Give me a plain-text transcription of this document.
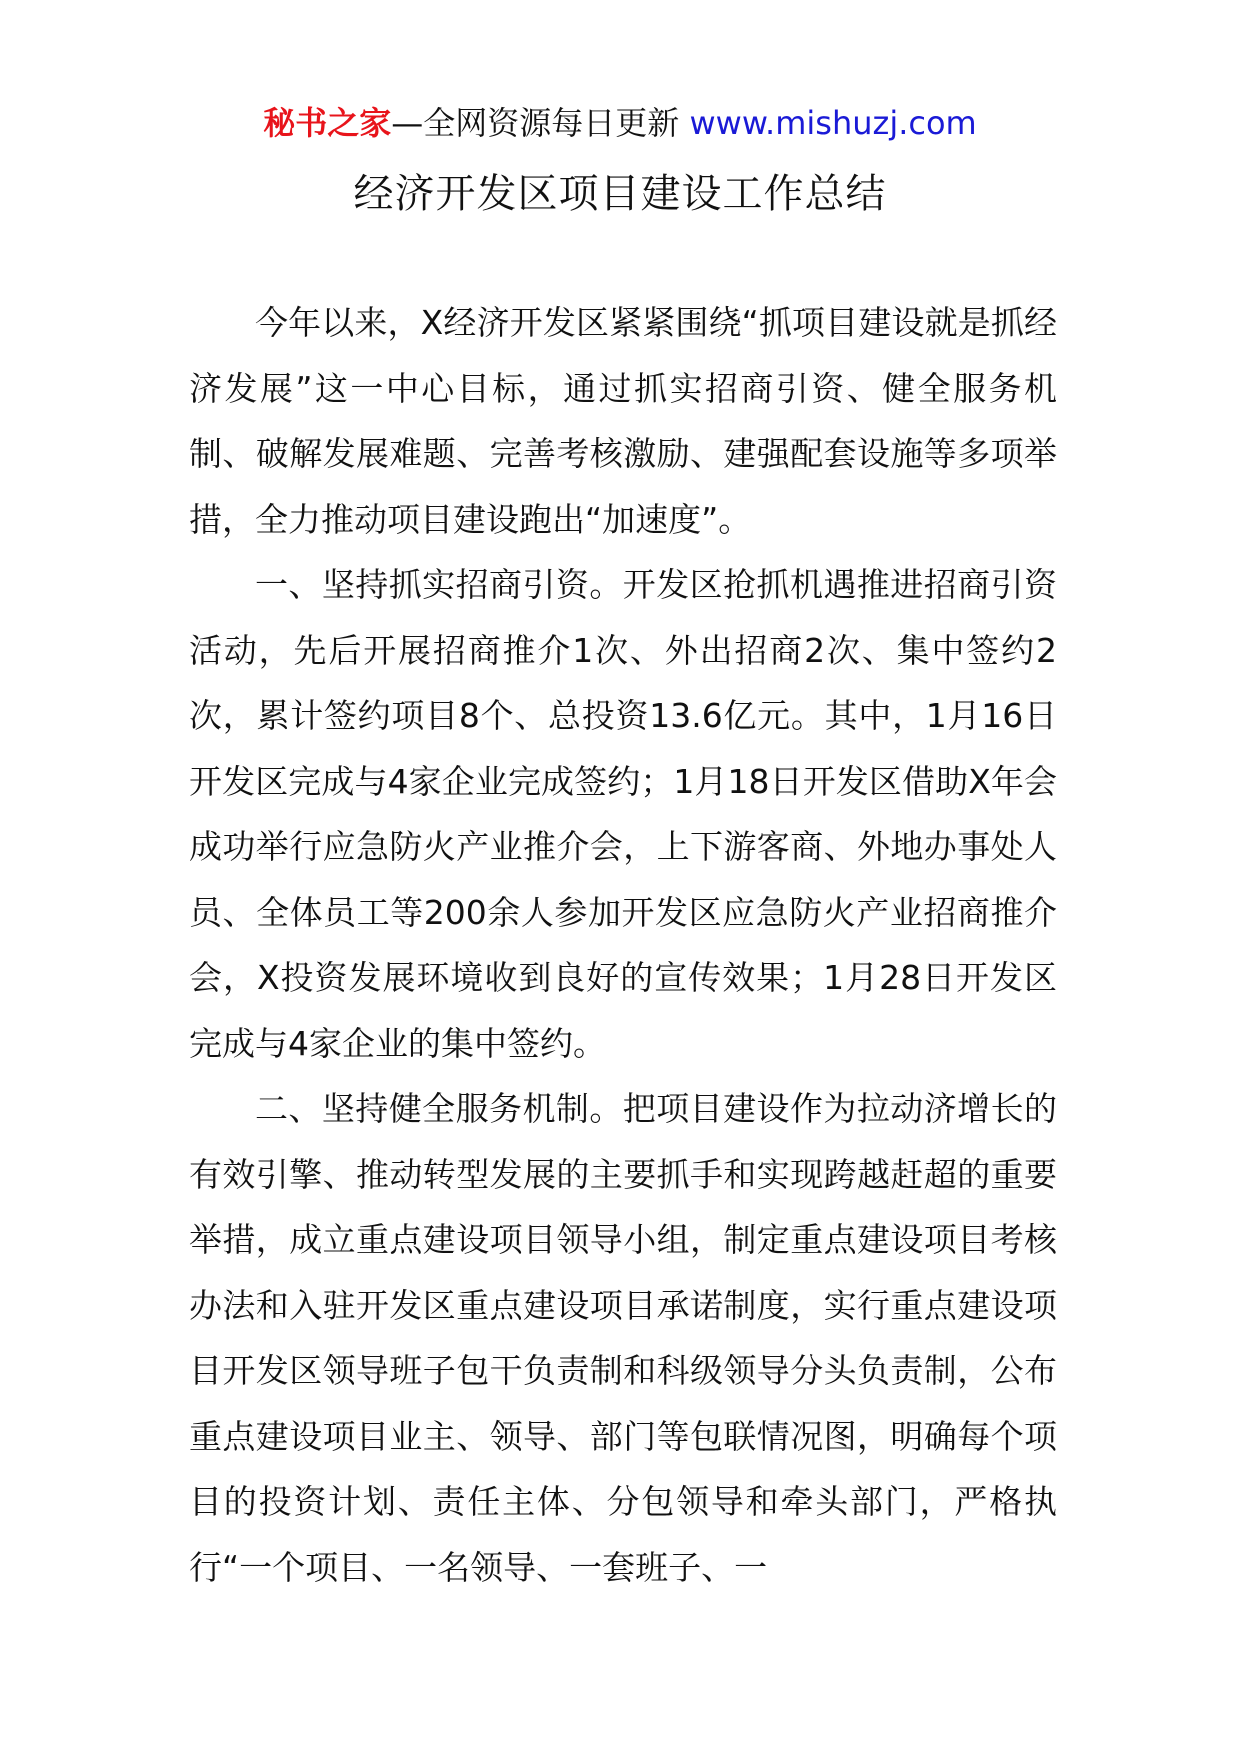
秘书之家—全网资源每日更新 www.mishuzj.com
经济开发区项目建设工作总结

今年以来，X经济开发区紧紧围绕“抓项目建设就是抓经济发展”这一中心目标，通过抓实招商引资、健全服务机制、破解发展难题、完善考核激励、建强配套设施等多项举措，全力推动项目建设跑出“加速度”。

一、坚持抓实招商引资。开发区抢抓机遇推进招商引资活动，先后开展招商推介1次、外出招商2次、集中签约2次，累计签约项目8个、总投资13.6亿元。其中，1月16日开发区完成与4家企业完成签约；1月18日开发区借助X年会成功举行应急防火产业推介会，上下游客商、外地办事处人员、全体员工等200余人参加开发区应急防火产业招商推介会，X投资发展环境收到良好的宣传效果；1月28日开发区完成与4家企业的集中签约。

二、坚持健全服务机制。把项目建设作为拉动济增长的有效引擎、推动转型发展的主要抓手和实现跨越赶超的重要举措，成立重点建设项目领导小组，制定重点建设项目考核办法和入驻开发区重点建设项目承诺制度，实行重点建设项目开发区领导班子包干负责制和科级领导分头负责制，公布重点建设项目业主、领导、部门等包联情况图，明确每个项目的投资计划、责任主体、分包领导和牵头部门，严格执行“一个项目、一名领导、一套班子、一
